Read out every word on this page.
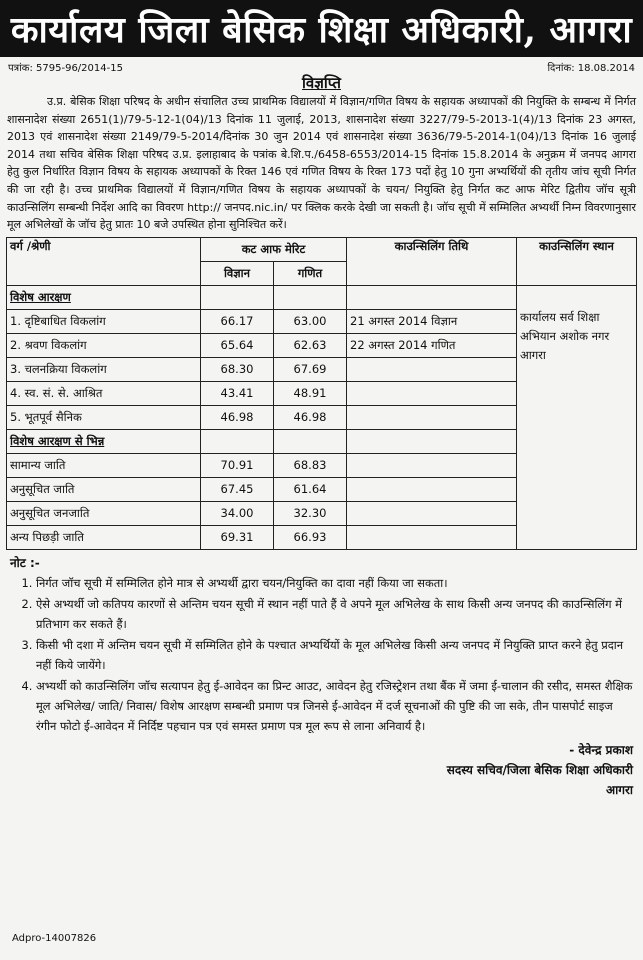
कार्यालय जिला बेसिक शिक्षा अधिकारी, आगरा
पत्रांक: 5795-96/2014-15	दिनांक: 18.08.2014
विज्ञप्ति

उ.प्र. बेसिक शिक्षा परिषद के अधीन संचालित उच्च प्राथमिक विद्यालयों में विज्ञान/गणित विषय के सहायक अध्यापकों की नियुक्ति के सम्बन्ध में निर्गत शासनादेश संख्या 2651(1)/79-5-12-1(04)/13 दिनांक 11 जुलाई, 2013, शासनादेश संख्या 3227/79-5-2013-1(4)/13 दिनांक 23 अगस्त, 2013 एवं शासनादेश संख्या 2149/79-5-2014/दिनांक 30 जुन 2014 एवं शासनादेश संख्या 3636/79-5-2014-1(04)/13 दिनांक 16 जुलाई 2014 तथा सचिव बेसिक शिक्षा परिषद उ.प्र. इलाहाबाद के पत्रांक बे.शि.प./6458-6553/2014-15 दिनांक 15.8.2014 के अनुक्रम में जनपद आगरा हेतु कुल निर्धारित विज्ञान विषय के सहायक अध्यापकों के रिक्त 146 एवं गणित विषय के रिक्त 173 पदों हेतु 10 गुना अभ्यर्थियों की तृतीय जांच सूची निर्गत की जा रही है। उच्च प्राथमिक विद्यालयों में विज्ञान/गणित विषय के सहायक अध्यापकों के चयन/ नियुक्ति हेतु निर्गत कट आफ मेरिट द्वितीय जॉच सूत्री काउन्सिलिंग सम्बन्धी निर्देश आदि का विवरण http:// जनपद.nic.in/ पर क्लिक करके देखी जा सकती है। जॉच सूची में सम्मिलित अभ्यर्थी निम्न विवरणानुसार मूल अभिलेखों के जॉच हेतु प्रातः 10 बजे उपस्थित होना सुनिश्चित करें।

वर्ग /श्रेणी	कट आफ मेरिट		काउन्सिलिंग तिथि	काउन्सिलिंग स्थान
	विज्ञान	गणित		
विशेष आरक्षण				कार्यालय सर्व शिक्षा अभियान अशोक नगर आगरा
1. दृष्टिबाधित विकलांग	66.17	63.00	21 अगस्त 2014 विज्ञान	
2. श्रवण विकलांग	65.64	62.63	22 अगस्त 2014 गणित	
3. चलनक्रिया विकलांग	68.30	67.69		
4. स्व. सं. से. आश्रित	43.41	48.91		
5. भूतपूर्व सैनिक	46.98	46.98		
विशेष आरक्षण से भिन्न				
सामान्य जाति	70.91	68.83		
अनुसूचित जाति	67.45	61.64		
अनुसूचित जनजाति	34.00	32.30		
अन्य पिछड़ी जाति	69.31	66.93		
नोट :-
1. निर्गत जॉच सूची में सम्मिलित होने मात्र से अभ्यर्थी द्वारा चयन/नियुक्ति का दावा नहीं किया जा सकता।
2. ऐसे अभ्यर्थी जो कतिपय कारणों से अन्तिम चयन सूची में स्थान नहीं पाते हैं वे अपने मूल अभिलेख के साथ किसी अन्य जनपद की काउन्सिलिंग में प्रतिभाग कर सकते हैं।
3. किसी भी दशा में अन्तिम चयन सूची में सम्मिलित होने के पश्चात अभ्यर्थियों के मूल अभिलेख किसी अन्य जनपद में नियुक्ति प्राप्त करने हेतु प्रदान नहीं किये जायेंगे।
4. अभ्यर्थी को काउन्सिलिंग जॉच सत्यापन हेतु ई-आवेदन का प्रिन्ट आउट, आवेदन हेतु रजिस्ट्रेशन तथा बैंक में जमा ई-चालान की रसीद, समस्त शैक्षिक मूल अभिलेख/ जाति/ निवास/ विशेष आरक्षण सम्बन्धी प्रमाण पत्र जिनसे ई-आवेदन में दर्ज सूचनाओं की पुष्टि की जा सके, तीन पासपोर्ट साइज रंगीन फोटो ई-आवेदन में निर्दिष्ट पहचान पत्र एवं समस्त प्रमाण पत्र मूल रूप से लाना अनिवार्य है।
- देवेन्द्र प्रकाश
सदस्य सचिव/जिला बेसिक शिक्षा अधिकारी
आगरा
Adpro-14007826
